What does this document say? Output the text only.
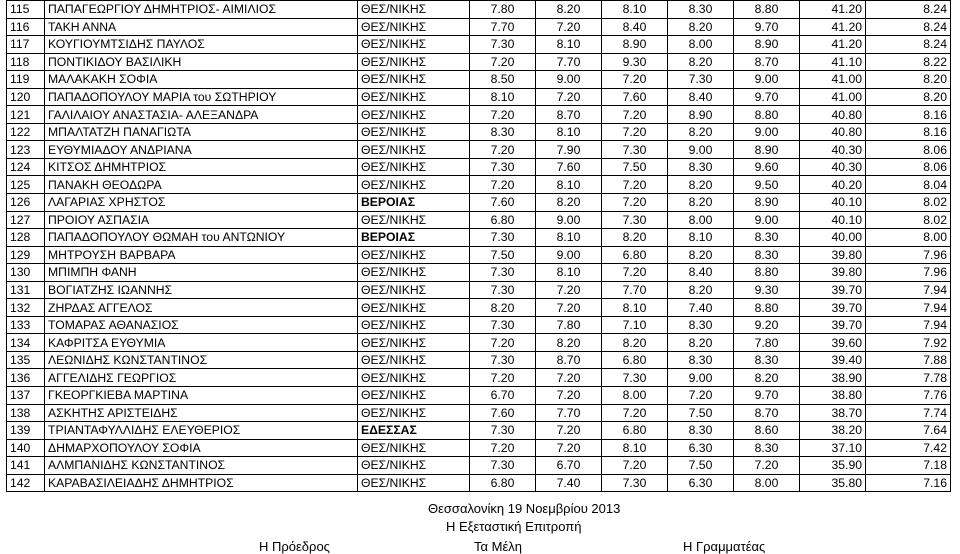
115	ΠΑΠΑΓΕΩΡΓΙΟΥ ΔΗΜΗΤΡΙΟΣ- ΑΙΜΙΛΙΟΣ	ΘΕΣ/ΝΙΚΗΣ	7.80	8.20	8.10	8.30	8.80	41.20	8.24
116	ΤΑΚΗ ΑΝΝΑ	ΘΕΣ/ΝΙΚΗΣ	7.70	7.20	8.40	8.20	9.70	41.20	8.24
117	ΚΟΥΓΙΟΥΜΤΣΙΔΗΣ ΠΑΥΛΟΣ	ΘΕΣ/ΝΙΚΗΣ	7.30	8.10	8.90	8.00	8.90	41.20	8.24
118	ΠΟΝΤΙΚΙΔΟΥ ΒΑΣΙΛΙΚΗ	ΘΕΣ/ΝΙΚΗΣ	7.20	7.70	9.30	8.20	8.70	41.10	8.22
119	ΜΑΛΑΚΑΚΗ ΣΟΦΙΑ	ΘΕΣ/ΝΙΚΗΣ	8.50	9.00	7.20	7.30	9.00	41.00	8.20
120	ΠΑΠΑΔΟΠΟΥΛΟΥ ΜΑΡΙΑ του ΣΩΤΗΡΙΟΥ	ΘΕΣ/ΝΙΚΗΣ	8.10	7.20	7.60	8.40	9.70	41.00	8.20
121	ΓΑΛΙΛΑΙΟΥ ΑΝΑΣΤΑΣΙΑ- ΑΛΕΞΑΝΔΡΑ	ΘΕΣ/ΝΙΚΗΣ	7.20	8.70	7.20	8.90	8.80	40.80	8.16
122	ΜΠΑΛΤΑΤΖΗ ΠΑΝΑΓΙΩΤΑ	ΘΕΣ/ΝΙΚΗΣ	8.30	8.10	7.20	8.20	9.00	40.80	8.16
123	ΕΥΘΥΜΙΑΔΟΥ ΑΝΔΡΙΑΝΑ	ΘΕΣ/ΝΙΚΗΣ	7.20	7.90	7.30	9.00	8.90	40.30	8.06
124	ΚΙΤΣΟΣ ΔΗΜΗΤΡΙΟΣ	ΘΕΣ/ΝΙΚΗΣ	7.30	7.60	7.50	8.30	9.60	40.30	8.06
125	ΠΑΝΑΚΗ ΘΕΟΔΩΡΑ	ΘΕΣ/ΝΙΚΗΣ	7.20	8.10	7.20	8.20	9.50	40.20	8.04
126	ΛΑΓΑΡΙΑΣ ΧΡΗΣΤΟΣ	ΒΕΡΟΙΑΣ	7.60	8.20	7.20	8.20	8.90	40.10	8.02
127	ΠΡΟΙΟΥ ΑΣΠΑΣΙΑ	ΘΕΣ/ΝΙΚΗΣ	6.80	9.00	7.30	8.00	9.00	40.10	8.02
128	ΠΑΠΑΔΟΠΟΥΛΟΥ ΘΩΜΑΗ του ΑΝΤΩΝΙΟΥ	ΒΕΡΟΙΑΣ	7.30	8.10	8.20	8.10	8.30	40.00	8.00
129	ΜΗΤΡΟΥΣΗ ΒΑΡΒΑΡΑ	ΘΕΣ/ΝΙΚΗΣ	7.50	9.00	6.80	8.20	8.30	39.80	7.96
130	ΜΠΙΜΠΗ ΦΑΝΗ	ΘΕΣ/ΝΙΚΗΣ	7.30	8.10	7.20	8.40	8.80	39.80	7.96
131	ΒΟΓΙΑΤΖΗΣ ΙΩΑΝΝΗΣ	ΘΕΣ/ΝΙΚΗΣ	7.30	7.20	7.70	8.20	9.30	39.70	7.94
132	ΖΗΡΔΑΣ ΑΓΓΕΛΟΣ	ΘΕΣ/ΝΙΚΗΣ	8.20	7.20	8.10	7.40	8.80	39.70	7.94
133	ΤΟΜΑΡΑΣ ΑΘΑΝΑΣΙΟΣ	ΘΕΣ/ΝΙΚΗΣ	7.30	7.80	7.10	8.30	9.20	39.70	7.94
134	ΚΑΦΡΙΤΣΑ ΕΥΘΥΜΙΑ	ΘΕΣ/ΝΙΚΗΣ	7.20	8.20	8.20	8.20	7.80	39.60	7.92
135	ΛΕΩΝΙΔΗΣ ΚΩΝΣΤΑΝΤΙΝΟΣ	ΘΕΣ/ΝΙΚΗΣ	7.30	8.70	6.80	8.30	8.30	39.40	7.88
136	ΑΓΓΕΛΙΔΗΣ ΓΕΩΡΓΙΟΣ	ΘΕΣ/ΝΙΚΗΣ	7.20	7.20	7.30	9.00	8.20	38.90	7.78
137	ΓΚΕΟΡΓΚΙΕΒΑ ΜΑΡΤΙΝΑ	ΘΕΣ/ΝΙΚΗΣ	6.70	7.20	8.00	7.20	9.70	38.80	7.76
138	ΑΣΚΗΤΗΣ ΑΡΙΣΤΕΙΔΗΣ	ΘΕΣ/ΝΙΚΗΣ	7.60	7.70	7.20	7.50	8.70	38.70	7.74
139	ΤΡΙΑΝΤΑΦΥΛΛΙΔΗΣ ΕΛΕΥΘΕΡΙΟΣ	ΕΔΕΣΣΑΣ	7.30	7.20	6.80	8.30	8.60	38.20	7.64
140	ΔΗΜΑΡΧΟΠΟΥΛΟΥ ΣΟΦΙΑ	ΘΕΣ/ΝΙΚΗΣ	7.20	7.20	8.10	6.30	8.30	37.10	7.42
141	ΑΛΜΠΑΝΙΔΗΣ ΚΩΝΣΤΑΝΤΙΝΟΣ	ΘΕΣ/ΝΙΚΗΣ	7.30	6.70	7.20	7.50	7.20	35.90	7.18
142	ΚΑΡΑΒΑΣΙΛΕΙΑΔΗΣ ΔΗΜΗΤΡΙΟΣ	ΘΕΣ/ΝΙΚΗΣ	6.80	7.40	7.30	6.30	8.00	35.80	7.16
Θεσσαλονίκη 19 Νοεμβρίου 2013
Η Εξεταστική Επιτροπή
Η Πρόεδρος	Τα Μέλη	Η Γραμματέας
